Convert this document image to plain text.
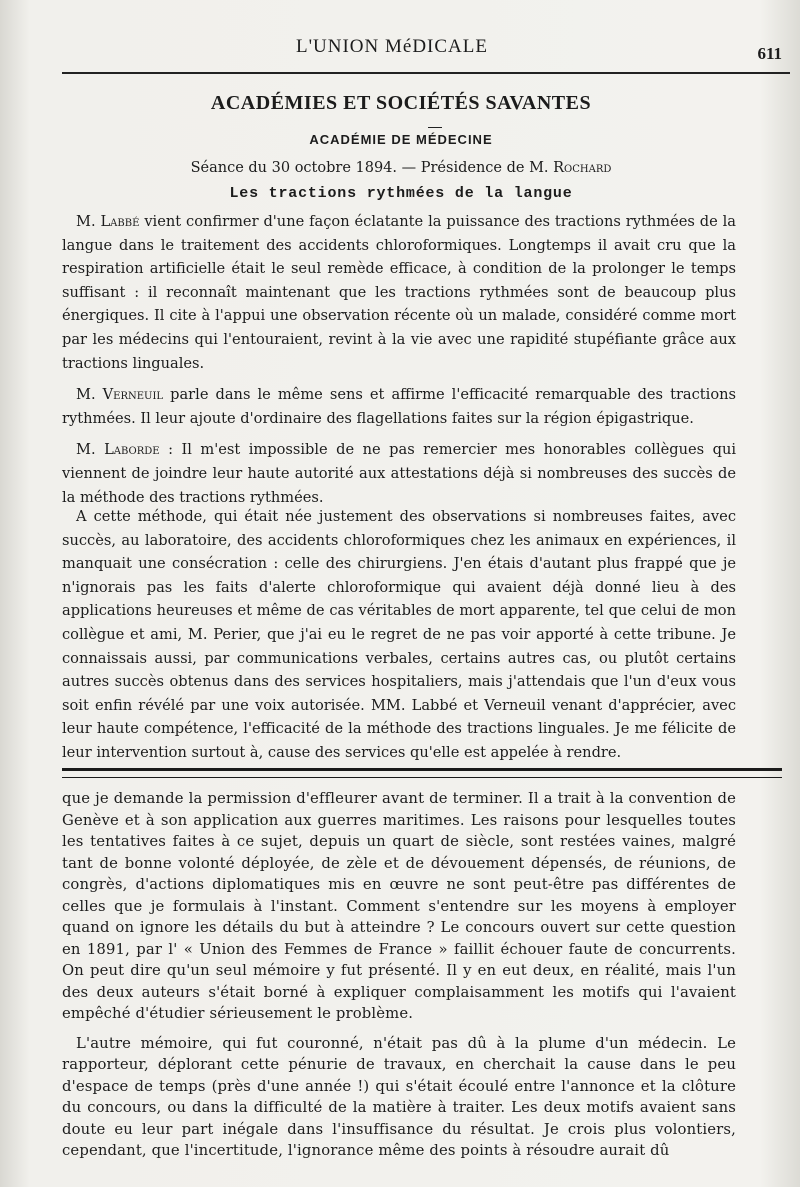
L'UNION MéDICALE	611
ACADÉMIES ET SOCIÉTÉS SAVANTES
ACADÉMIE DE MÉDECINE
Séance du 30 octobre 1894. — Présidence de M. Rochard
Les tractions rythmées de la langue

M. Labbé vient confirmer d'une façon éclatante la puissance des tractions rythmées de la langue dans le traitement des accidents chloroformiques. Longtemps il avait cru que la respiration artificielle était le seul remède efficace, à condition de la prolonger le temps suffisant : il reconnaît maintenant que les tractions rythmées sont de beaucoup plus énergiques. Il cite à l'appui une observation récente où un malade, considéré comme mort par les médecins qui l'entouraient, revint à la vie avec une rapidité stupéfiante grâce aux tractions linguales.

M. Verneuil parle dans le même sens et affirme l'efficacité remarquable des tractions rythmées. Il leur ajoute d'ordinaire des flagellations faites sur la région épigastrique.

M. Laborde : Il m'est impossible de ne pas remercier mes honorables collègues qui viennent de joindre leur haute autorité aux attestations déjà si nombreuses des succès de la méthode des tractions rythmées.

A cette méthode, qui était née justement des observations si nombreuses faites, avec succès, au laboratoire, des accidents chloroformiques chez les animaux en expériences, il manquait une consécration : celle des chirurgiens. J'en étais d'autant plus frappé que je n'ignorais pas les faits d'alerte chloroformique qui avaient déjà donné lieu à des applications heureuses et même de cas véritables de mort apparente, tel que celui de mon collègue et ami, M. Perier, que j'ai eu le regret de ne pas voir apporté à cette tribune. Je connaissais aussi, par communications verbales, certains autres cas, ou plutôt certains autres succès obtenus dans des services hospitaliers, mais j'attendais que l'un d'eux vous soit enfin révélé par une voix autorisée. MM. Labbé et Verneuil venant d'apprécier, avec leur haute compétence, l'efficacité de la méthode des tractions linguales. Je me félicite de leur intervention surtout à, cause des services qu'elle est appelée à rendre.

que je demande la permission d'effleurer avant de terminer. Il a trait à la convention de Genève et à son application aux guerres maritimes. Les raisons pour lesquelles toutes les tentatives faites à ce sujet, depuis un quart de siècle, sont restées vaines, malgré tant de bonne volonté déployée, de zèle et de dévouement dépensés, de réunions, de congrès, d'actions diplomatiques mis en œuvre ne sont peut-être pas différentes de celles que je formulais à l'instant. Comment s'entendre sur les moyens à employer quand on ignore les détails du but à atteindre ? Le concours ouvert sur cette question en 1891, par l' « Union des Femmes de France » faillit échouer faute de concurrents. On peut dire qu'un seul mémoire y fut présenté. Il y en eut deux, en réalité, mais l'un des deux auteurs s'était borné à expliquer complaisamment les motifs qui l'avaient empêché d'étudier sérieusement le problème.

L'autre mémoire, qui fut couronné, n'était pas dû à la plume d'un médecin. Le rapporteur, déplorant cette pénurie de travaux, en cherchait la cause dans le peu d'espace de temps (près d'une année !) qui s'était écoulé entre l'annonce et la clôture du concours, ou dans la difficulté de la matière à traiter. Les deux motifs avaient sans doute eu leur part inégale dans l'insuffisance du résultat. Je crois plus volontiers, cependant, que l'incertitude, l'ignorance même des points à résoudre aurait dû
